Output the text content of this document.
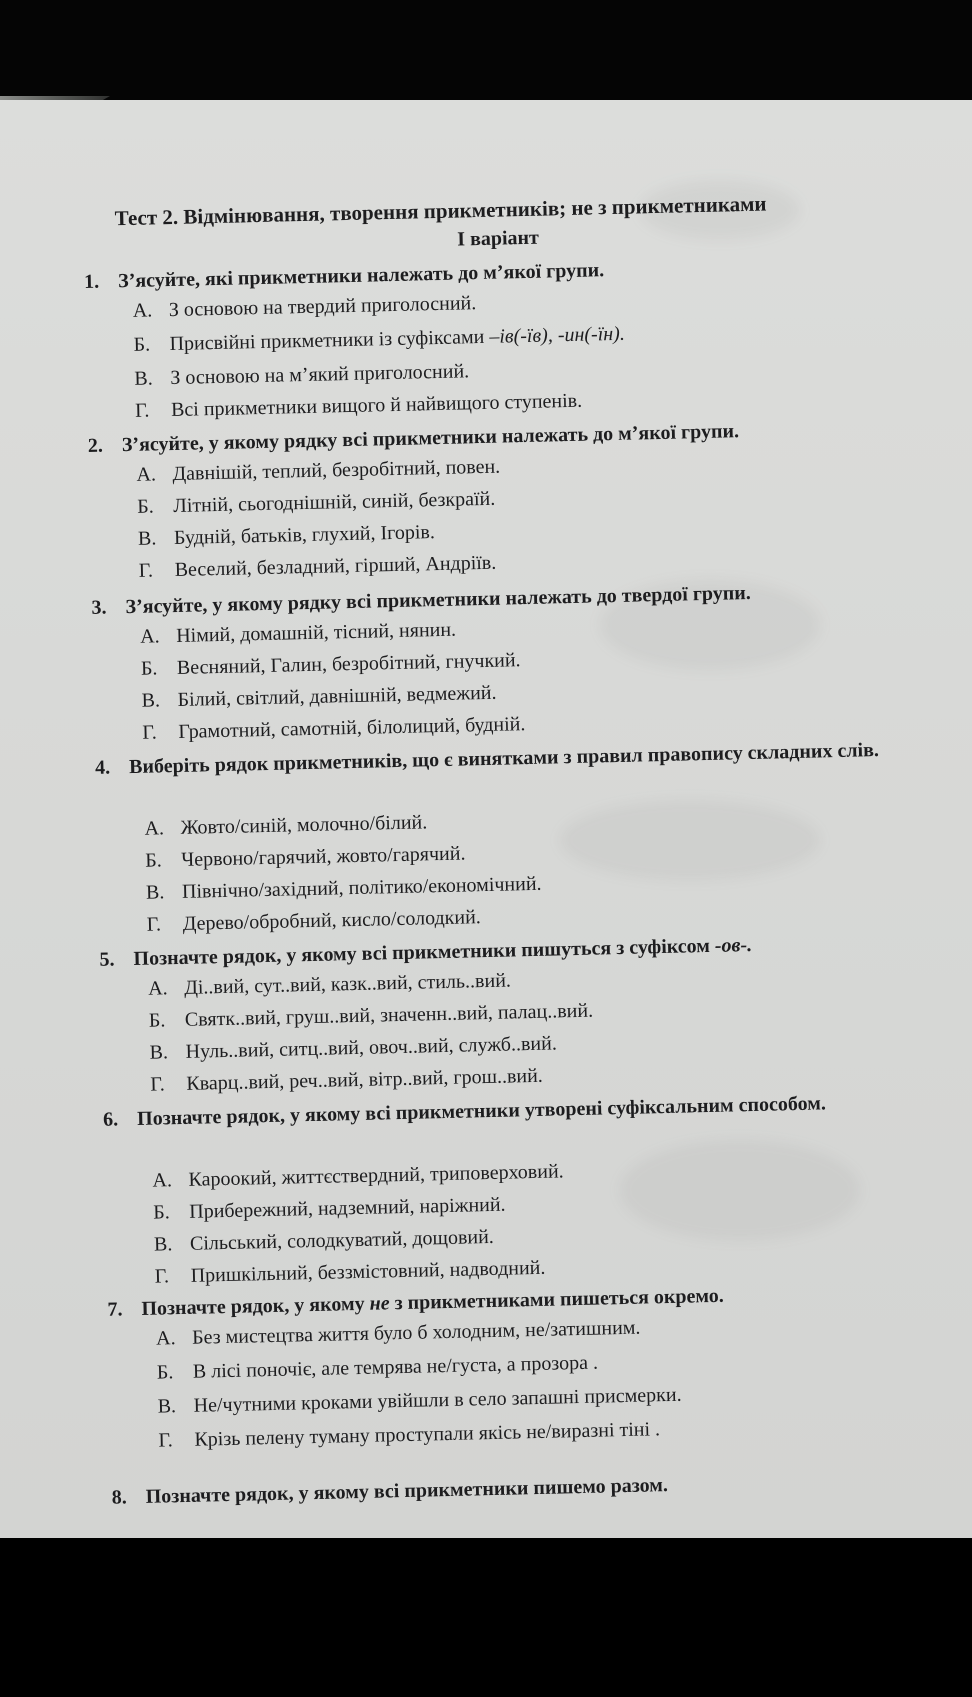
Тест 2. Відмінювання, творення прикметників; не з прикметниками
І варіант
1. З’ясуйте, які прикметники належать до м’якої групи.
А. З основою на твердий приголосний.
Б. Присвійні прикметники із суфіксами –ів(-їв), -ин(-їн).
В. З основою на м’який приголосний.
Г. Всі прикметники вищого й найвищого ступенів.
2. З’ясуйте, у якому рядку всі прикметники належать до м’якої групи.
А. Давнішій, теплий, безробітний, повен.
Б. Літній, сьогоднішній, синій, безкраїй.
В. Будній, батьків, глухий, Ігорів.
Г. Веселий, безладний, гірший, Андріїв.
3. З’ясуйте, у якому рядку всі прикметники належать до твердої групи.
А. Німий, домашній, тісний, нянин.
Б. Весняний, Галин, безробітний, гнучкий.
В. Білий, світлий, давнішній, ведмежий.
Г. Грамотний, самотній, білолиций, будній.
4. Виберіть рядок прикметників, що є винятками з правил правопису складних слів.
А. Жовто/синій, молочно/білий.
Б. Червоно/гарячий, жовто/гарячий.
В. Північно/західний, політико/економічний.
Г. Дерево/обробний, кисло/солодкий.
5. Позначте рядок, у якому всі прикметники пишуться з суфіксом -ов-.
А. Ді..вий, сут..вий, казк..вий, стиль..вий.
Б. Святк..вий, груш..вий, значенн..вий, палац..вий.
В. Нуль..вий, ситц..вий, овоч..вий, служб..вий.
Г. Кварц..вий, реч..вий, вітр..вий, грош..вий.
6. Позначте рядок, у якому всі прикметники утворені суфіксальним способом.
А. Кароокий, життєствердний, триповерховий.
Б. Прибережний, надземний, наріжний.
В. Сільський, солодкуватий, дощовий.
Г. Пришкільний, беззмістовний, надводний.
7. Позначте рядок, у якому не з прикметниками пишеться окремо.
А. Без мистецтва життя було б холодним, не/затишним.
Б. В лісі поночіє, але темрява не/густа, а прозора .
В. Не/чутними кроками увійшли в село запашні присмерки.
Г. Крізь пелену туману проступали якісь не/виразні тіні .
8. Позначте рядок, у якому всі прикметники пишемо разом.
